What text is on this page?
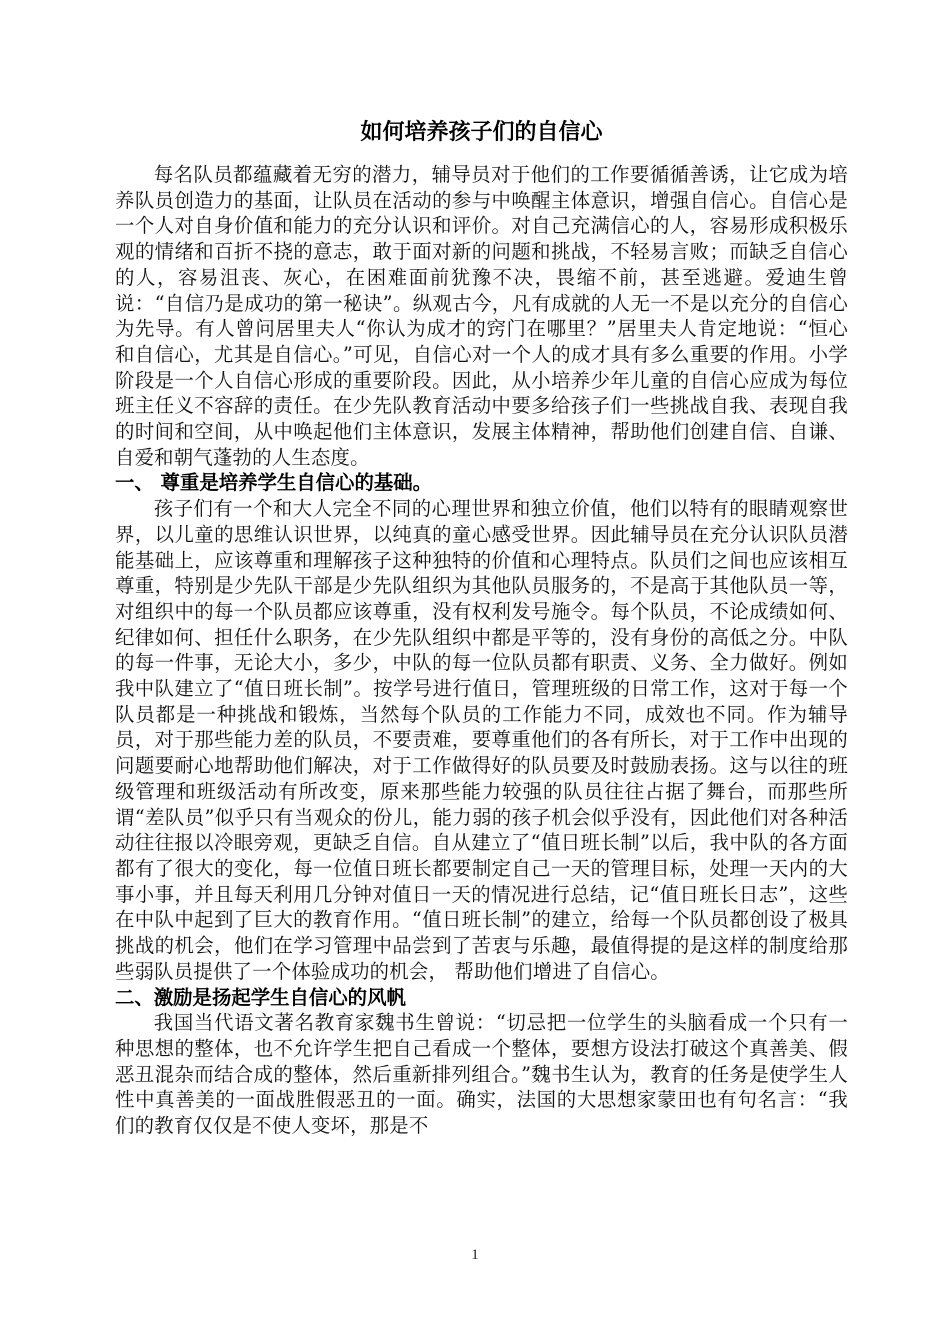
如何培养孩子们的自信心

每名队员都蕴藏着无穷的潜力，辅导员对于他们的工作要循循善诱，让它成为培养队员创造力的基面，让队员在活动的参与中唤醒主体意识，增强自信心。自信心是一个人对自身价值和能力的充分认识和评价。对自己充满信心的人，容易形成积极乐观的情绪和百折不挠的意志，敢于面对新的问题和挑战，不轻易言败；而缺乏自信心的人，容易沮丧、灰心，在困难面前犹豫不决，畏缩不前，甚至逃避。爱迪生曾说：“自信乃是成功的第一秘诀”。纵观古今，凡有成就的人无一不是以充分的自信心为先导。有人曾问居里夫人“你认为成才的窍门在哪里？”居里夫人肯定地说：“恒心和自信心，尤其是自信心。”可见，自信心对一个人的成才具有多么重要的作用。小学阶段是一个人自信心形成的重要阶段。因此，从小培养少年儿童的自信心应成为每位班主任义不容辞的责任。在少先队教育活动中要多给孩子们一些挑战自我、表现自我的时间和空间，从中唤起他们主体意识，发展主体精神，帮助他们创建自信、自谦、自爱和朝气蓬勃的人生态度。

一、 尊重是培养学生自信心的基础。

孩子们有一个和大人完全不同的心理世界和独立价值，他们以特有的眼睛观察世界，以儿童的思维认识世界，以纯真的童心感受世界。因此辅导员在充分认识队员潜能基础上，应该尊重和理解孩子这种独特的价值和心理特点。队员们之间也应该相互尊重，特别是少先队干部是少先队组织为其他队员服务的，不是高于其他队员一等，对组织中的每一个队员都应该尊重，没有权利发号施令。每个队员，不论成绩如何、纪律如何、担任什么职务，在少先队组织中都是平等的，没有身份的高低之分。中队的每一件事，无论大小，多少，中队的每一位队员都有职责、义务、全力做好。例如我中队建立了“值日班长制”。按学号进行值日，管理班级的日常工作，这对于每一个队员都是一种挑战和锻炼，当然每个队员的工作能力不同，成效也不同。作为辅导员，对于那些能力差的队员，不要责难，要尊重他们的各有所长，对于工作中出现的问题要耐心地帮助他们解决，对于工作做得好的队员要及时鼓励表扬。这与以往的班级管理和班级活动有所改变，原来那些能力较强的队员往往占据了舞台，而那些所谓“差队员”似乎只有当观众的份儿，能力弱的孩子机会似乎没有，因此他们对各种活动往往报以冷眼旁观，更缺乏自信。自从建立了“值日班长制”以后，我中队的各方面都有了很大的变化，每一位值日班长都要制定自己一天的管理目标，处理一天内的大事小事，并且每天利用几分钟对值日一天的情况进行总结，记“值日班长日志”，这些在中队中起到了巨大的教育作用。“值日班长制”的建立，给每一个队员都创设了极具挑战的机会，他们在学习管理中品尝到了苦衷与乐趣，最值得提的是这样的制度给那些弱队员提供了一个体验成功的机会， 帮助他们增进了自信心。

二、激励是扬起学生自信心的风帆

我国当代语文著名教育家魏书生曾说：“切忌把一位学生的头脑看成一个只有一种思想的整体，也不允许学生把自己看成一个整体，要想方设法打破这个真善美、假恶丑混杂而结合成的整体，然后重新排列组合。”魏书生认为，教育的任务是使学生人性中真善美的一面战胜假恶丑的一面。确实，法国的大思想家蒙田也有句名言：“我们的教育仅仅是不使人变坏，那是不

1
